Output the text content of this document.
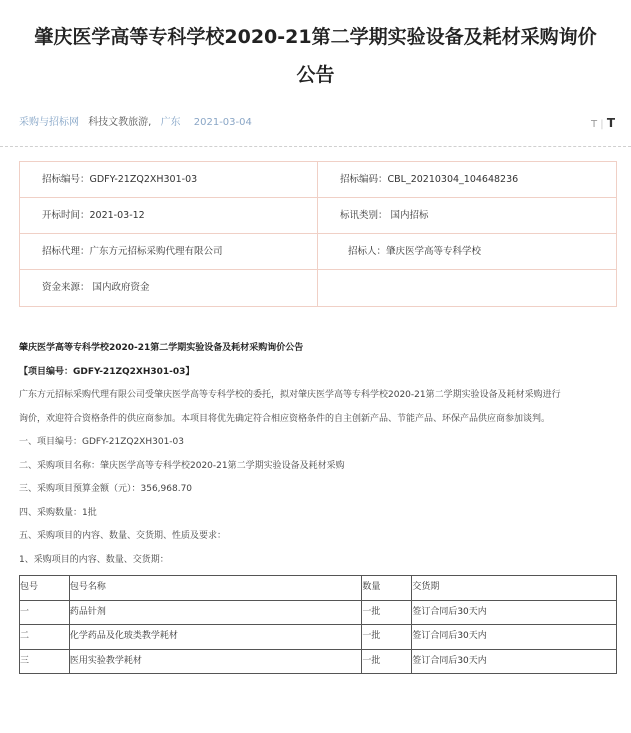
肇庆医学高等专科学校2020-21第二学期实验设备及耗材采购询价
公告
采购与招标网 科技文教旅游, 广东 2021-03-04	T | T
招标编号：GDFY-21ZQ2XH301-03	招标编码：CBL_20210304_104648236
开标时间：2021-03-12	标讯类别： 国内招标
招标代理：广东方元招标采购代理有限公司	招标人：肇庆医学高等专科学校
资金来源： 国内政府资金
肇庆医学高等专科学校2020-21第二学期实验设备及耗材采购询价公告
【项目编号：GDFY-21ZQ2XH301-03】
广东方元招标采购代理有限公司受肇庆医学高等专科学校的委托，拟对肇庆医学高等专科学校2020-21第二学期实验设备及耗材采购进行
询价，欢迎符合资格条件的供应商参加。本项目将优先确定符合相应资格条件的自主创新产品、节能产品、环保产品供应商参加谈判。
一、项目编号：GDFY-21ZQ2XH301-03
二、采购项目名称：肇庆医学高等专科学校2020-21第二学期实验设备及耗材采购
三、采购项目预算金额（元）：356,968.70
四、采购数量：1批
五、采购项目的内容、数量、交货期、性质及要求：
1、采购项目的内容、数量、交货期：
包号	包号名称	数量	交货期
一	药品针剂	一批	签订合同后30天内
二	化学药品及化玻类教学耗材	一批	签订合同后30天内
三	医用实验教学耗材	一批	签订合同后30天内
